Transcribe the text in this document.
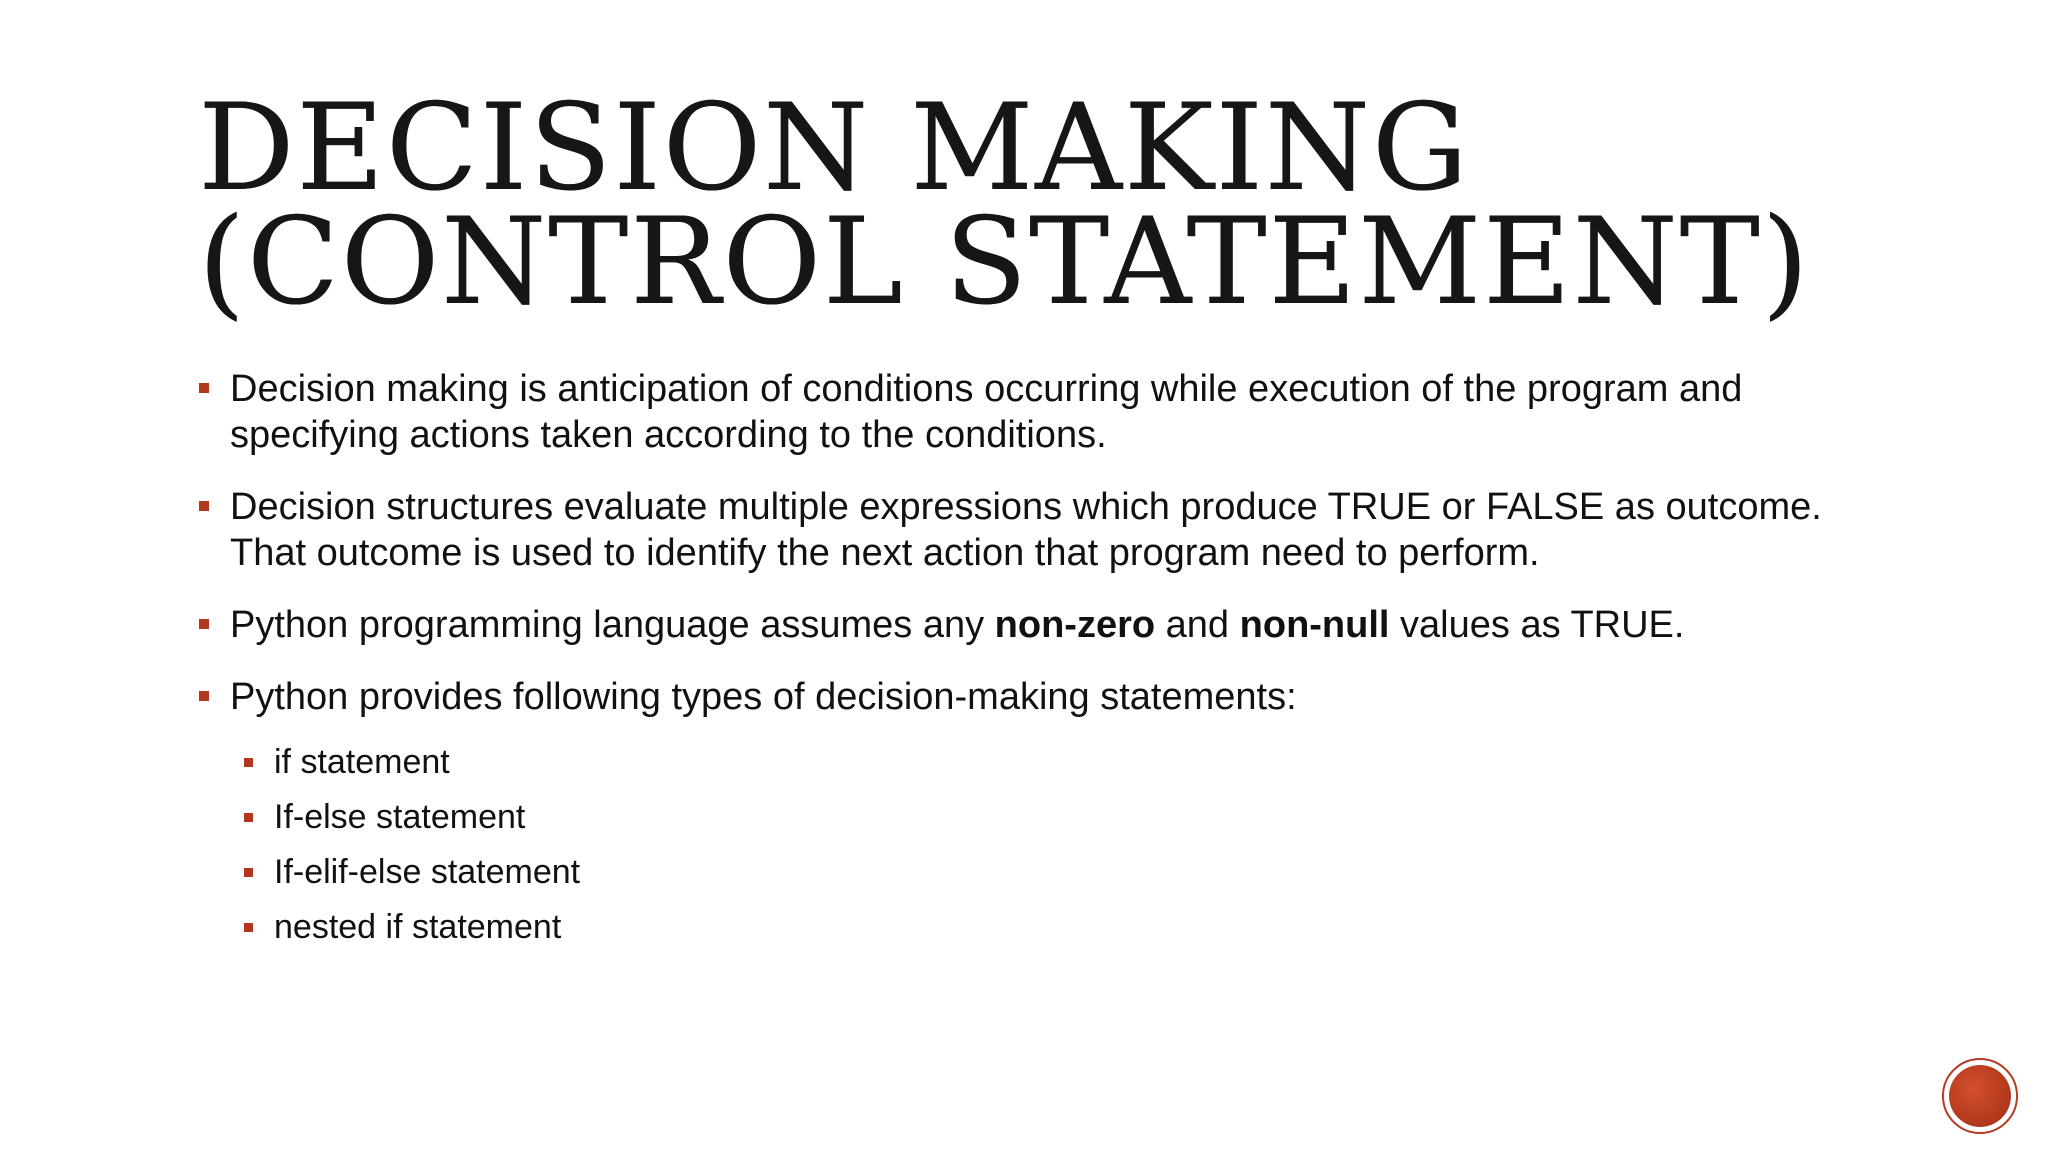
DECISION MAKING
(CONTROL STATEMENT)
Decision making is anticipation of conditions occurring while execution of the program and specifying actions taken according to the conditions.
Decision structures evaluate multiple expressions which produce TRUE or FALSE as outcome. That outcome is used to identify the next action that program need to perform.
Python programming language assumes any non-zero and non-null values as TRUE.
Python provides following types of decision-making statements:
if statement
If-else statement
If-elif-else statement
nested if statement
